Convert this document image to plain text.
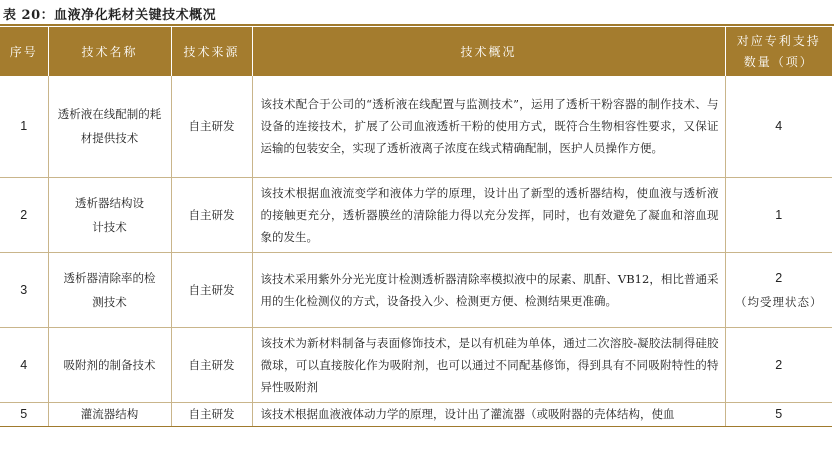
表 20：血液净化耗材关键技术概况
序号	技术名称	技术来源	技术概况	对应专利支持
数量（项）

1	透析液在线配制的耗材提供技术	自主研发	该技术配合于公司的“透析液在线配置与监测技术”，运用了透析干粉容器的制作技术、与设备的连接技术，扩展了公司血液透析干粉的使用方式，既符合生物相容性要求，又保证运输的包装安全，实现了透析液离子浓度在线式精确配制，医护人员操作方便。	4
2	透析器结构设计技术	自主研发	该技术根据血液流变学和液体力学的原理，设计出了新型的透析器结构，使血液与透析液的接触更充分，透析器膜丝的清除能力得以充分发挥，同时，也有效避免了凝血和溶血现象的发生。	1
3	透析器清除率的检测技术	自主研发	该技术采用紫外分光光度计检测透析器清除率模拟液中的尿素、肌酐、VB12，相比普通采用的生化检测仪的方式，设备投入少、检测更方便、检测结果更准确。	2
（均受理状态）

4	吸附剂的制备技术	自主研发	该技术为新材料制备与表面修饰技术，是以有机硅为单体，通过二次溶胶-凝胶法制得硅胶微球，可以直接胺化作为吸附剂，也可以通过不同配基修饰，得到具有不同吸附特性的特异性吸附剂	2
5	灌流器结构	自主研发	该技术根据血液液体动力学的原理，设计出了灌流器（或吸附器的壳体结构，使血	5
